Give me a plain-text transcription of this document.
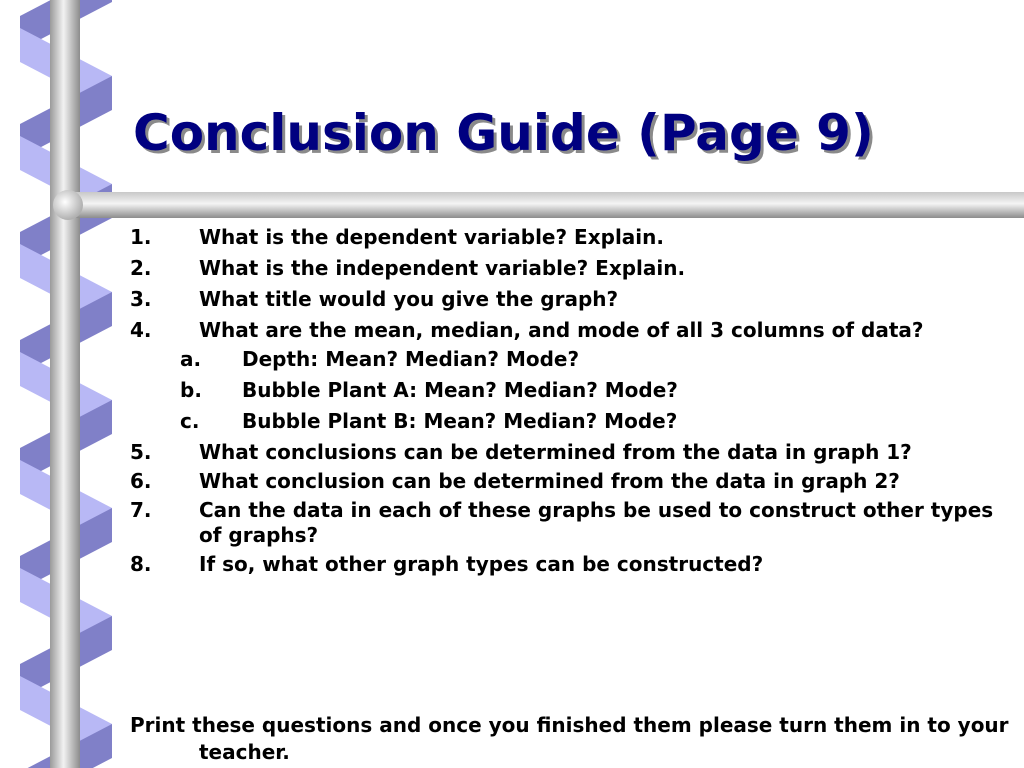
Conclusion Guide (Page 9)
1.	What is the dependent variable? Explain.
2.	What is the independent variable? Explain.
3.	What title would you give the graph?
4.	What are the mean, median, and mode of all 3 columns of data?
a.	Depth: Mean? Median? Mode?
b.	Bubble Plant A: Mean? Median? Mode?
c.	Bubble Plant B: Mean? Median? Mode?
5.	What conclusions can be determined from the data in graph 1?
6.	What conclusion can be determined from the data in graph 2?
7.	Can the data in each of these graphs be used to construct other types of graphs?
8.	If so, what other graph types can be constructed?
Print these questions and once you finished them please turn them in to your teacher.
